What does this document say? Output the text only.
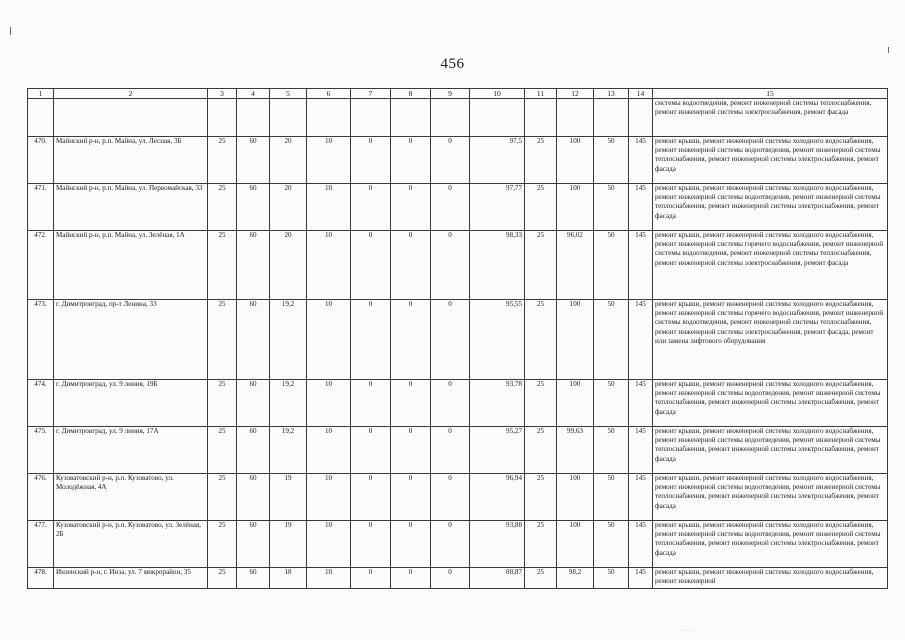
456
1	2	3	4	5	6	7	8	9	10	11	12	13	14	15
														системы водоотведения, ремонт инженерной системы теплоснабжения, ремонт инженерной системы электроснабжения, ремонт фасада
470.	Майнский р-н, р.п. Майна, ул. Лесная, 3Б	25	60	20	10	0	0	0	97,5	25	100	50	145	ремонт крыши, ремонт инженерной системы холодного водоснабжения, ремонт инженерной системы водоотведения, ремонт инженерной системы теплоснабжения, ремонт инженерной системы электроснабжения, ремонт фасада
471.	Майнский р-н, р.п. Майна, ул. Первомайская, 33	25	60	20	10	0	0	0	97,77	25	100	50	145	ремонт крыши, ремонт инженерной системы холодного водоснабжения, ремонт инженерной системы водоотведения, ремонт инженерной системы теплоснабжения, ремонт инженерной системы электроснабжения, ремонт фасада
472.	Майнский р-н, р.п. Майна, ул. Зелёная, 1А	25	60	20	10	0	0	0	98,33	25	96,02	50	145	ремонт крыши, ремонт инженерной системы холодного водоснабжения, ремонт инженерной системы горячего водоснабжения, ремонт инженерной системы водоотведения, ремонт инженерной системы теплоснабжения, ремонт инженерной системы электроснабжения, ремонт фасада
473.	г. Димитровград, пр-т Ленина, 33	25	60	19,2	10	0	0	0	95,55	25	100	50	145	ремонт крыши, ремонт инженерной системы холодного водоснабжения, ремонт инженерной системы горячего водоснабжения, ремонт инженерной системы водоотведения, ремонт инженерной системы теплоснабжения, ремонт инженерной системы электроснабжения, ремонт фасада, ремонт или замена лифтового оборудования
474.	г. Димитровград, ул. 9 линия, 19Б	25	60	19,2	10	0	0	0	93,78	25	100	50	145	ремонт крыши, ремонт инженерной системы холодного водоснабжения, ремонт инженерной системы водоотведения, ремонт инженерной системы теплоснабжения, ремонт инженерной системы электроснабжения, ремонт фасада
475.	г. Димитровград, ул. 9 линия, 17А	25	60	19,2	10	0	0	0	95,27	25	99,63	50	145	ремонт крыши, ремонт инженерной системы холодного водоснабжения, ремонт инженерной системы водоотведения, ремонт инженерной системы теплоснабжения, ремонт инженерной системы электроснабжения, ремонт фасада
476.	Кузоватовский р-н, р.п. Кузоватово, ул. Молодёжная, 4А	25	60	19	10	0	0	0	96,94	25	100	50	145	ремонт крыши, ремонт инженерной системы холодного водоснабжения, ремонт инженерной системы водоотведения, ремонт инженерной системы теплоснабжения, ремонт инженерной системы электроснабжения, ремонт фасада
477.	Кузоватовский р-н, р.п. Кузоватово, ул. Зелёная, 2Б	25	60	19	10	0	0	0	93,88	25	100	50	145	ремонт крыши, ремонт инженерной системы холодного водоснабжения, ремонт инженерной системы водоотведения, ремонт инженерной системы теплоснабжения, ремонт инженерной системы электроснабжения, ремонт фасада
478.	Инзенский р-н, г. Инза, ул. 7 микрорайон, 35	25	60	18	10	0	0	0	88,87	25	98,2	50	145	ремонт крыши, ремонт инженерной системы холодного водоснабжения, ремонт инженерной
· · · ·
